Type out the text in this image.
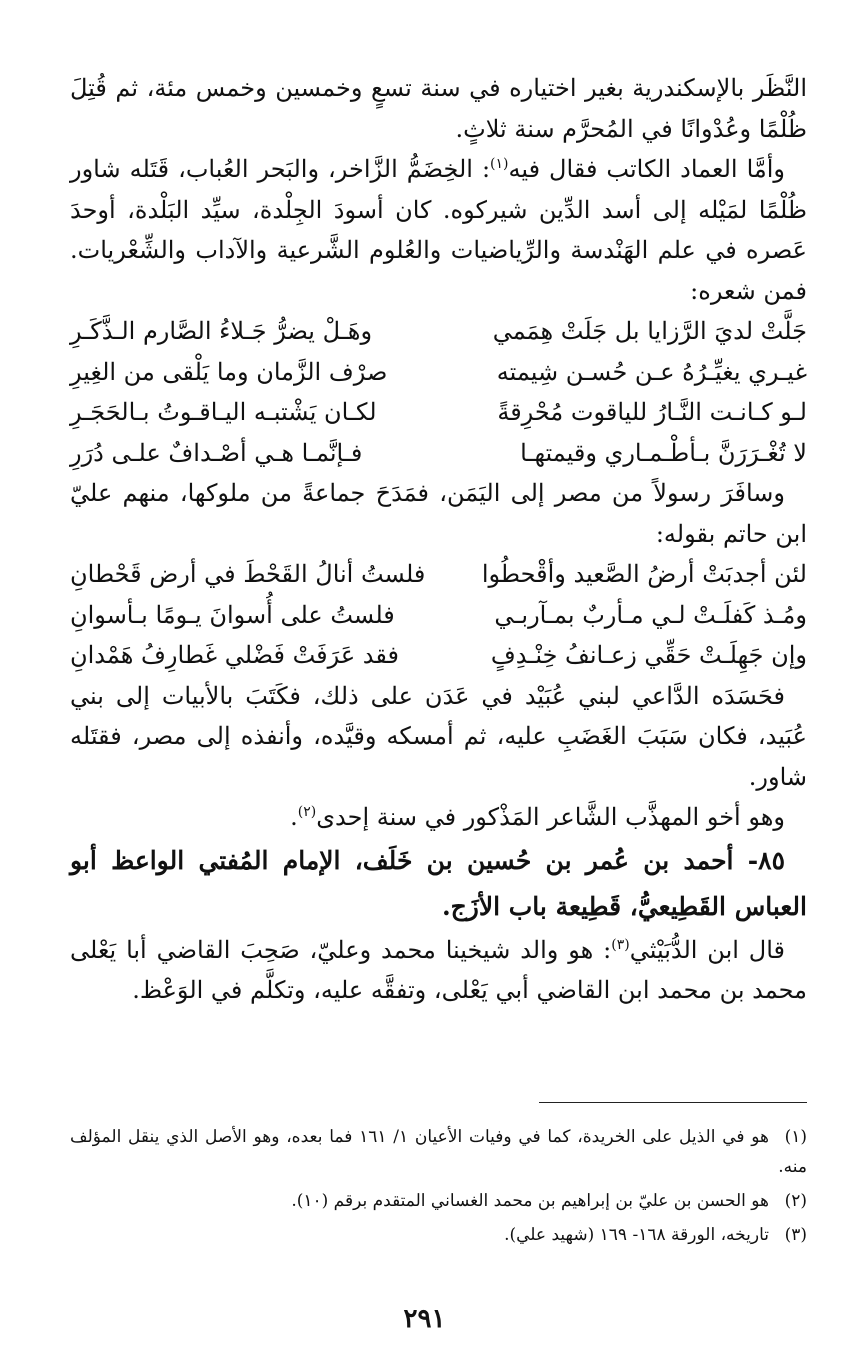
النَّظَر بالإسكندرية بغير اختياره في سنة تسعٍ وخمسين وخمس مئة، ثم قُتِلَ ظُلْمًا وعُدْوانًا في المُحرَّم سنة ثلاثٍ.

وأمَّا العماد الكاتب فقال فيه$^{(١)}$: الخِضَمُّ الزَّاخر، والبَحر العُباب، قَتَله شاور ظُلْمًا لمَيْله إلى أسد الدِّين شيركوه. كان أسودَ الجِلْدة، سيِّد البَلْدة، أوحدَ عَصره في علم الهَنْدسة والرِّياضيات والعُلوم الشَّرعية والآداب والشِّعْريات. فمن شعره:

جَلَّتْ لديَ الرَّزايا بل جَلَتْ هِمَمي
وهَـلْ يضرُّ جَـلاءُ الصَّارم الـذَّكَـرِ
غيـري يغيِّـرُهُ عـن حُسـن شِيمته
صرْف الزَّمان وما يَلْقى من الغِيرِ
لـو كـانـت النَّـارُ للياقوت مُحْرِقةً
لكـان يَشْتبـه اليـاقـوتُ بـالحَجَـرِ
لا تُغْـرَرَنَّ بـأطْـمـاري وقيمتهـا
فـإنَّمـا هـي أصْـدافٌ علـى دُرَرِ

وسافَرَ رسولاً من مصر إلى اليَمَن، فمَدَحَ جماعةً من ملوكها، منهم عليّ ابن حاتم بقوله:

لئن أجدبَتْ أرضُ الصَّعيد وأقْحطُوا
فلستُ أنالُ القَحْطَ في أرض قَحْطانِ
ومُـذ كَفلَـتْ لـي مـأربٌ بمـآربـي
فلستُ على أُسوانَ يـومًا بـأسوانِ
وإن جَهِلَـتْ حَقِّي زعـانفُ خِنْـدِفٍ
فقد عَرَفَتْ فَضْلي غَطارِفُ هَمْدانِ

فحَسَدَه الدَّاعي لبني عُبَيْد في عَدَن على ذلك، فكَتَبَ بالأبيات إلى بني عُبَيد، فكان سَبَبَ الغَضَبِ عليه، ثم أمسكه وقيَّده، وأنفذه إلى مصر، فقتَله شاور.

وهو أخو المهذَّب الشَّاعر المَذْكور في سنة إحدى$^{(٢)}$.

٨٥- أحمد بن عُمر بن حُسين بن خَلَف، الإمام المُفتي الواعظ أبو العباس القَطِيعيُّ، قَطِيعة باب الأزَج.

قال ابن الدُّبَيْثي$^{(٣)}$: هو والد شيخينا محمد وعليّ، صَحِبَ القاضي أبا يَعْلى محمد بن محمد ابن القاضي أبي يَعْلى، وتفقَّه عليه، وتكلَّم في الوَعْظ.

(١)هو في الذيل على الخريدة، كما في وفيات الأعيان ١/ ١٦١ فما بعده، وهو الأصل الذي ينقل المؤلف منه.
(٢)هو الحسن بن عليّ بن إبراهيم بن محمد الغساني المتقدم برقم (١٠).
(٣)تاريخه، الورقة ١٦٨- ١٦٩ (شهيد علي).
٢٩١
